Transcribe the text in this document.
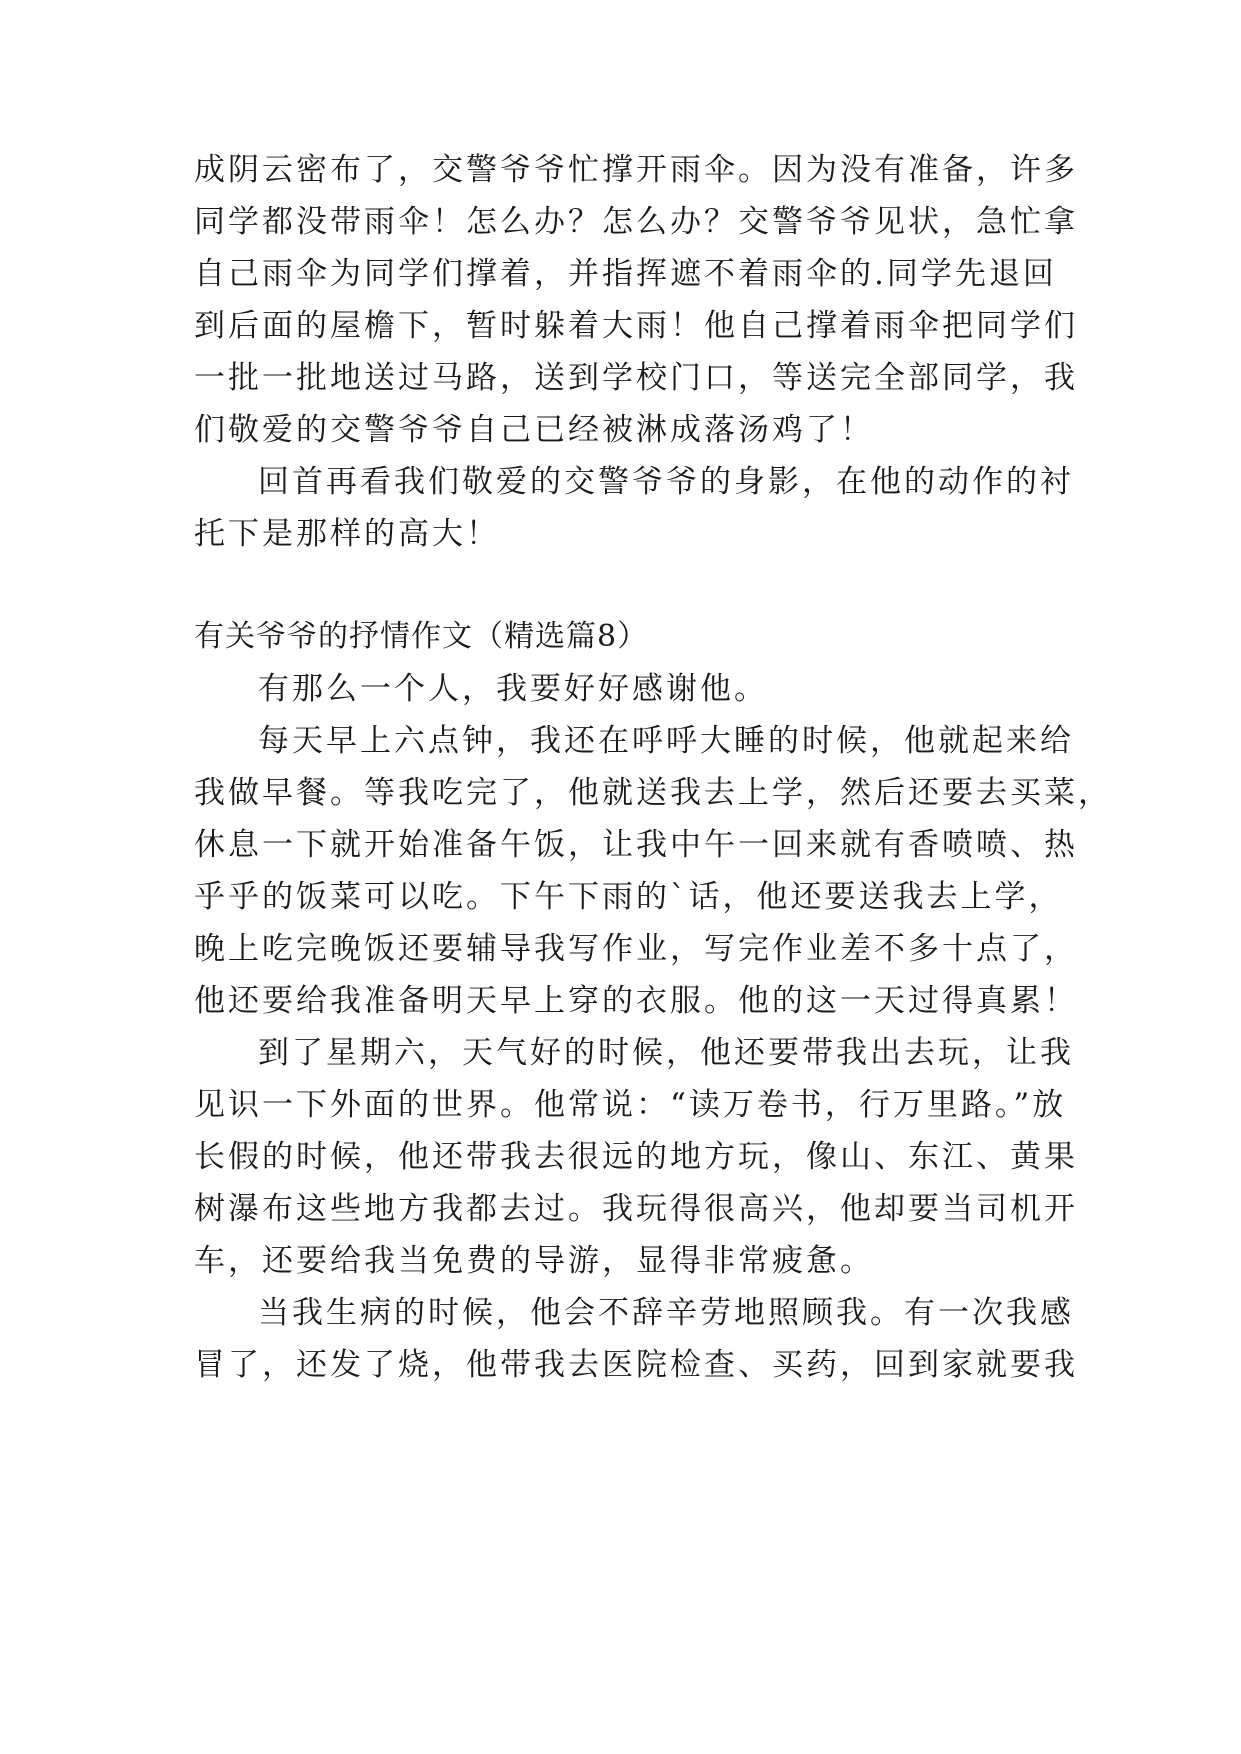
成阴云密布了，交警爷爷忙撑开雨伞。因为没有准备，许多
同学都没带雨伞！怎么办？怎么办？交警爷爷见状，急忙拿
自己雨伞为同学们撑着，并指挥遮不着雨伞的.同学先退回
到后面的屋檐下，暂时躲着大雨！他自己撑着雨伞把同学们
一批一批地送过马路，送到学校门口，等送完全部同学，我
们敬爱的交警爷爷自己已经被淋成落汤鸡了！
回首再看我们敬爱的交警爷爷的身影，在他的动作的衬
托下是那样的高大！
有关爷爷的抒情作文（精选篇8）
有那么一个人，我要好好感谢他。
每天早上六点钟，我还在呼呼大睡的时候，他就起来给
我做早餐。等我吃完了，他就送我去上学，然后还要去买菜，
休息一下就开始准备午饭，让我中午一回来就有香喷喷、热
乎乎的饭菜可以吃。下午下雨的`话，他还要送我去上学，
晚上吃完晚饭还要辅导我写作业，写完作业差不多十点了，
他还要给我准备明天早上穿的衣服。他的这一天过得真累！
到了星期六，天气好的时候，他还要带我出去玩，让我
见识一下外面的世界。他常说：“读万卷书，行万里路。”放
长假的时候，他还带我去很远的地方玩，像山、东江、黄果
树瀑布这些地方我都去过。我玩得很高兴，他却要当司机开
车，还要给我当免费的导游，显得非常疲惫。
当我生病的时候，他会不辞辛劳地照顾我。有一次我感
冒了，还发了烧，他带我去医院检查、买药，回到家就要我
